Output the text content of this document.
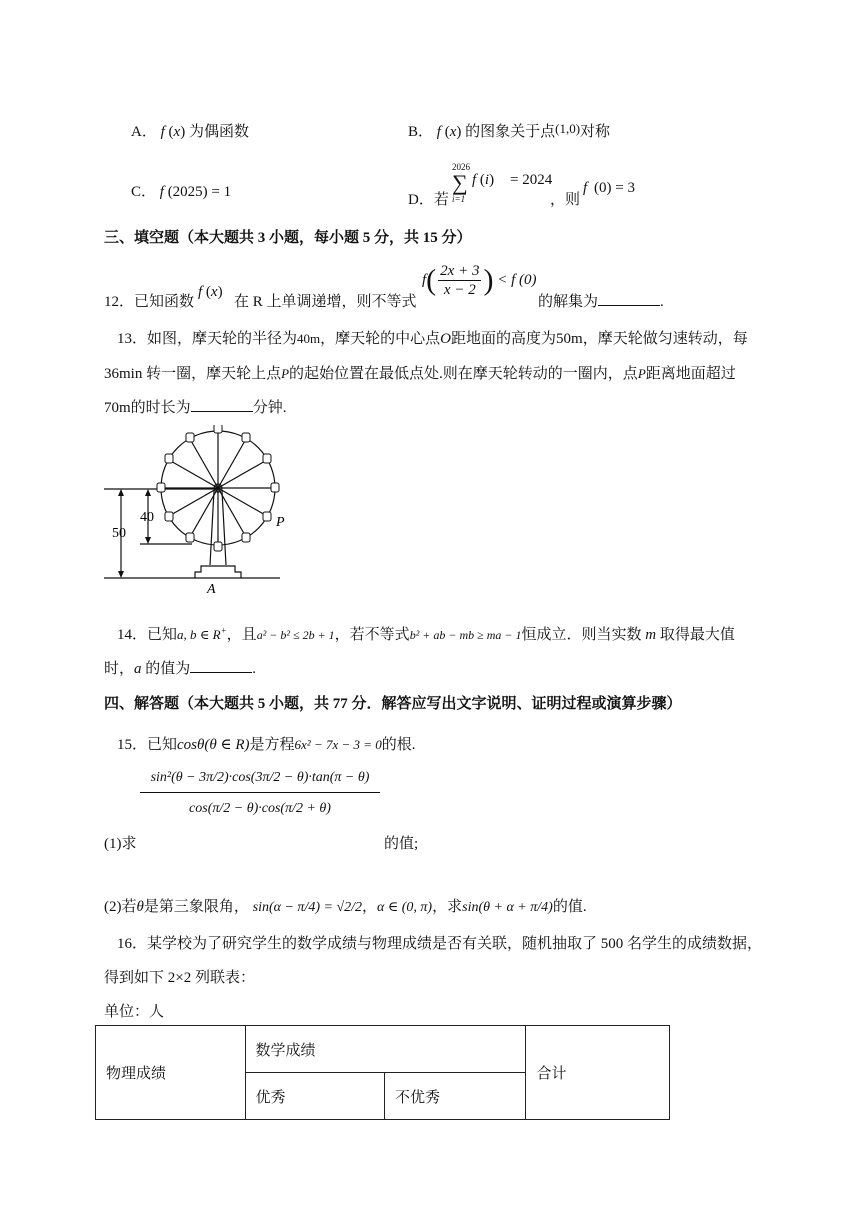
A． f (x) 为偶函数	B． f (x) 的图象关于点(1,0)对称
C． f (2025) = 1	D．若
2026
∑
i=1
f (i) = 2024
，则
f (0) = 3
三、填空题（本大题共 3 小题，每小题 5 分，共 15 分）
12．已知函数
f (x)
在 R 上单调递增，则不等式
$f( \frac{2x + 3}{x - 2}$ ) < f (0)
的解集为	.
13．如图，摩天轮的半径为40m，摩天轮的中心点O距地面的高度为50m，摩天轮做匀速转动，每
36min 转一圈，摩天轮上点P的起始位置在最低点处.则在摩天轮转动的一圈内，点P距离地面超过
70m的时长为	分钟.
50
40	P
A
14．已知a, b ∈ R+，且a² − b² ≤ 2b + 1，若不等式b² + ab − mb ≥ ma − 1恒成立．则当实数 m 取得最大值
时，a 的值为	.
四、解答题（本大题共 5 小题，共 77 分．解答应写出文字说明、证明过程或演算步骤）
15．已知cosθ(θ ∈ R)是方程6x² − 7x − 3 = 0的根.
(1)求
$\frac{\text{sin²(θ − 3π/2)·cos(3π/2 − θ)·tan(π − θ)}}{\cos(\pi/2 - \theta)\cdot\cos(\pi/2 + \theta)}$
的值;
(2)若θ是第三象限角， sin(α − π/4) = √2/2，α ∈ (0, π)，求sin(θ + α + π/4)的值.
16．某学校为了研究学生的数学成绩与物理成绩是否有关联，随机抽取了 500 名学生的成绩数据，
得到如下 2×2 列联表：
单位：人
物理成绩	数学成绩		合计
	优秀	不优秀	
